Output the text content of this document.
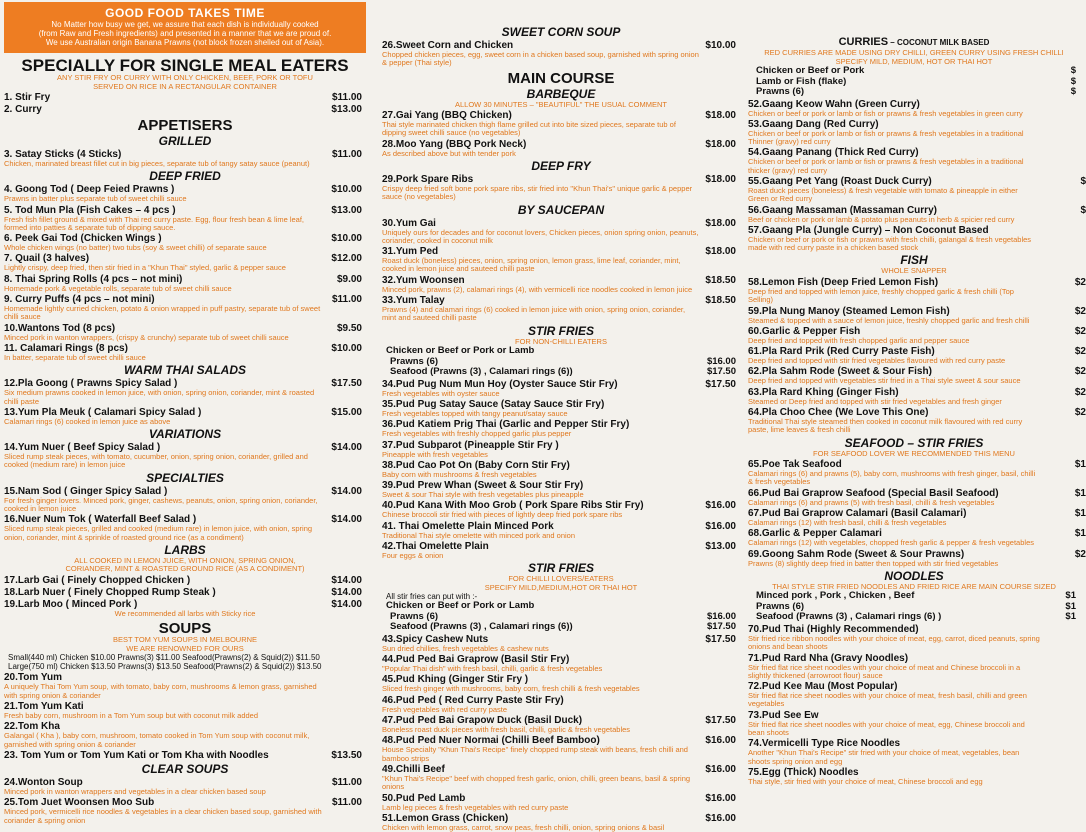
GOOD FOOD TAKES TIME
No Matter how busy we get, we assure that each dish is individually cooked
(from Raw and Fresh ingredients) and presented in a manner that we are proud of.
We use Australian origin Banana Prawns (not block frozen shelled out of Asia).
SPECIALLY FOR SINGLE MEAL EATERS
ANY STIR FRY OR CURRY WITH ONLY CHICKEN, BEEF, PORK OR TOFU
SERVED ON RICE IN A RECTANGULAR CONTAINER
1. Stir Fry	$11.00
2. Curry	$13.00
APPETISERS
GRILLED
3. Satay Sticks (4 Sticks)	$11.00
Chicken, marinated breast fillet cut in big pieces, separate tub of tangy satay sauce (peanut)
DEEP FRIED
4. Goong Tod ( Deep Feied Prawns )	$10.00
Prawns in batter plus separate tub of sweet chilli sauce
5. Tod Mun Pla (Fish Cakes – 4 pcs )	$13.00
Fresh fish fillet ground & mixed with Thai red curry paste. Egg, flour fresh bean & lime leaf, formed into patties & separate tub of dipping sauce.
6. Peek Gai Tod (Chicken Wings )	$10.00
Whole chicken wings (no batter) two tubs (soy & sweet chilli) of separate sauce
7. Quail (3 halves)	$12.00
Lightly crispy, deep fried, then stir fried in a "Khun Thai" styled, garlic & pepper sauce
8. Thai Spring Rolls (4 pcs – not mini)	$9.00
Homemade pork & vegetable rolls, separate tub of sweet chilli sauce
9. Curry Puffs (4 pcs – not mini)	$11.00
Homemade lightly curried chicken, potato & onion wrapped in puff pastry, separate tub of sweet chilli sauce
10.Wantons Tod (8 pcs)	$9.50
Minced pork in wanton wrappers, (crispy & crunchy) separate tub of sweet chilli sauce
11. Calamari Rings (8 pcs)	$10.00
In batter, separate tub of sweet chilli sauce
WARM THAI SALADS
12.Pla Goong ( Prawns Spicy Salad )	$17.50
Six medium prawns cooked in lemon juice, with onion, spring onion, coriander, mint & roasted chilli paste
13.Yum Pla Meuk ( Calamari Spicy Salad )	$15.00
Calamari rings (6) cooked in lemon juice as above
VARIATIONS
14.Yum Nuer ( Beef Spicy Salad )	$14.00
Sliced rump steak pieces, with tomato, cucumber, onion, spring onion, coriander, grilled and cooked (medium rare) in lemon juice
SPECIALTIES
15.Nam Sod ( Ginger Spicy Salad )	$14.00
For fresh ginger lovers. Minced pork, ginger, cashews, peanuts, onion, spring onion, coriander, cooked in lemon juice
16.Nuer Num Tok ( Waterfall Beef Salad )	$14.00
Sliced rump steak pieces, grilled and cooked (medium rare) in lemon juice, with onion, spring onion, coriander, mint & sprinkle of roasted ground rice (as a condiment)
LARBS
ALL COOKED IN LEMON JUICE, WITH ONION, SPRING ONION,
CORIANDER, MINT & ROASTED GROUND RICE (AS A CONDIMENT)
17.Larb Gai ( Finely Chopped Chicken )	$14.00
18.Larb Nuer ( Finely Chopped Rump Steak )	$14.00
19.Larb Moo ( Minced Pork )	$14.00
We recommended all larbs with Sticky rice
SOUPS
BEST TOM YUM SOUPS IN MELBOURNE
WE ARE RENOWNED FOR OURS
Small(440 ml) Chicken $10.00 Prawns(3) $11.00 Seafood(Prawns(2) & Squid(2)) $11.50
Large(750 ml) Chicken $13.50 Prawns(3) $13.50 Seafood(Prawns(2) & Squid(2)) $13.50
20.Tom Yum
A uniquely Thai Tom Yum soup, with tomato, baby corn, mushrooms & lemon grass, garnished with spring onion & coriander
21.Tom Yum Kati
Fresh baby corn, mushroom in a Tom Yum soup but with coconut milk added
22.Tom Kha
Galangal ( Kha ), baby corn, mushroom, tomato cooked in Tom Yum soup with coconut milk, garnished with spring onion & coriander
23. Tom Yum or Tom Yum Kati or Tom Kha with Noodles	$13.50
CLEAR SOUPS
24.Wonton Soup	$11.00
Minced pork in wanton wrappers and vegetables in a clear chicken based soup
25.Tom Juet Woonsen Moo Sub	$11.00
Minced pork, vermicelli rice noodles & vegetables in a clear chicken based soup, garnished with coriander & spring onion
SWEET CORN SOUP
26.Sweet Corn and Chicken	$10.00
Chopped chicken pieces, egg, sweet corn in a chicken based soup, garnished with spring onion & pepper (Thai style)
MAIN COURSE
BARBEQUE
ALLOW 30 MINUTES – "BEAUTIFUL" THE USUAL COMMENT
27.Gai Yang (BBQ Chicken)	$18.00
Thai style marinated chicken thigh flame grilled cut into bite sized pieces, separate tub of dipping sweet chilli sauce (no vegetables)
28.Moo Yang (BBQ Pork Neck)	$18.00
As described above but with tender pork
DEEP FRY
29.Pork Spare Ribs	$18.00
Crispy deep fried soft bone pork spare ribs, stir fried into "Khun Thai's" unique garlic & pepper sauce (no vegetables)
BY SAUCEPAN
30.Yum Gai	$18.00
Uniquely ours for decades and for coconut lovers, Chicken pieces, onion spring onion, peanuts, coriander, cooked in coconut milk
31.Yum Ped	$18.00
Roast duck (boneless) pieces, onion, spring onion, lemon grass, lime leaf, coriander, mint, cooked in lemon juice and sauteed chilli paste
32.Yum Woonsen	$18.50
Minced pork, prawns (2), calamari rings (4), with vermicelli rice noodles cooked in lemon juice
33.Yum Talay	$18.50
Prawns (4) and calamari rings (6) cooked in lemon juice with onion, spring onion, coriander, mint and sauteed chilli paste
STIR FRIES
FOR NON-CHILLI EATERS
Chicken or Beef or Pork or Lamb
Prawns (6)	$16.00
Seafood (Prawns (3) , Calamari rings (6))	$17.50
34.Pud Pug Num Mun Hoy (Oyster Sauce Stir Fry)	$17.50
Fresh vegetables with oyster sauce
35.Pud Pug Satay Sauce (Satay Sauce Stir Fry)
Fresh vegetables topped with tangy peanut/satay sauce
36.Pud Katiem Prig Thai (Garlic and Pepper Stir Fry)
Fresh vegetables with freshly chopped garlic plus pepper
37.Pud Subparot (Pineapple Stir Fry )
Pineapple with fresh vegetables
38.Pud Cao Pot On (Baby Corn Stir Fry)
Baby corn with mushrooms & fresh vegetables
39.Pud Prew Whan (Sweet & Sour Stir Fry)
Sweet & sour Thai style with fresh vegetables plus pineapple
40.Pud Kana With Moo Grob ( Pork Spare Ribs Stir Fry)	$16.00
Chinese broccoli stir fried with pieces of lightly deep fried pork spare ribs
41. Thai Omelette Plain Minced Pork	$16.00
Traditional Thai style omelette with minced pork and onion
42.Thai Omelette Plain	$13.00
Four eggs & onion
STIR FRIES
FOR CHILLI LOVERS/EATERS
SPECIFY MILD,MEDIUM,HOT OR THAI HOT
All stir fries can put with :-
Chicken or Beef or Pork or Lamb
Prawns (6)	$16.00
Seafood (Prawns (3) , Calamari rings (6))	$17.50
43.Spicy Cashew Nuts	$17.50
Sun dried chillies, fresh vegetables & cashew nuts
44.Pud Ped Bai Graprow (Basil Stir Fry)
"Popular Thai dish" with fresh basil, chilli, garlic & fresh vegetables
45.Pud Khing (Ginger Stir Fry )
Sliced fresh ginger with mushrooms, baby corn, fresh chilli & fresh vegetables
46.Pud Ped ( Red Curry Paste Stir Fry)
Fresh vegetables with red curry paste
47.Pud Ped Bai Grapow Duck (Basil Duck)	$17.50
Boneless roast duck pieces with fresh basil, chilli, garlic & fresh vegetables
48.Pud Ped Nuer Normai (Chilli Beef Bamboo)	$16.00
House Specialty "Khun Thai's Recipe" finely chopped rump steak with beans, fresh chilli and bamboo strips
49.Chilli Beef	$16.00
"Khun Thai's Recipe" beef with chopped fresh garlic, onion, chilli, green beans, basil & spring onions
50.Pud Ped Lamb	$16.00
Lamb leg pieces & fresh vegetables with red curry paste
51.Lemon Grass (Chicken)	$16.00
Chicken with lemon grass, carrot, snow peas, fresh chilli, onion, spring onions & basil
CURRIES – COCONUT MILK BASED
RED CURRIES ARE MADE USING DRY CHILLI, GREEN CURRY USING FRESH CHILLI
SPECIFY MILD, MEDIUM, HOT OR THAI HOT
Chicken or Beef or Pork	$
Lamb or Fish (flake)	$
Prawns (6)	$
52.Gaang Keow Wahn (Green Curry)
Chicken or beef or pork or lamb or fish or prawns & fresh vegetables in green curry
53.Gaang Dang (Red Curry)
Chicken or beef or pork or lamb or fish or prawns & fresh vegetables in a traditional Thinner (gravy) red curry
54.Gaang Panang (Thick Red Curry)
Chicken or beef or pork or lamb or fish or prawns & fresh vegetables in a traditional thicker (gravy) red curry
55.Gaang Pet Yang (Roast Duck Curry)	$
Roast duck pieces (boneless) & fresh vegetable with tomato & pineapple in either Green or Red curry
56.Gaang Massaman (Massaman Curry)	$
Beef or chicken or pork or lamb & potato plus peanuts in herb & spicier red curry
57.Gaang Pla (Jungle Curry) – Non Coconut Based
Chicken or beef or pork or fish or prawns with fresh chilli, galangal & fresh vegetables made with red curry paste in a chicken based stock
FISH
WHOLE SNAPPER
58.Lemon Fish (Deep Fried Lemon Fish)	$2
Deep fried and topped with lemon juice, freshly chopped garlic & fresh chilli (Top Selling)
59.Pla Nung Manoy (Steamed Lemon Fish)	$2
Steamed & topped with a sauce of lemon juice, freshly chopped garlic and fresh chilli
60.Garlic & Pepper Fish	$2
Deep fried and topped with fresh chopped garlic and pepper sauce
61.Pla Rard Prik (Red Curry Paste Fish)	$2
Deep fried and topped with stir fried vegetables flavoured with red curry paste
62.Pla Sahm Rode (Sweet & Sour Fish)	$2
Deep fried and topped with vegetables stir fried in a Thai style sweet & sour sauce
63.Pla Rard Khing (Ginger Fish)	$2
Steamed or Deep fried and topped with stir fried vegetables and fresh ginger
64.Pla Choo Chee (We Love This One)	$2
Traditional Thai style steamed then cooked in coconut milk flavoured with red curry paste, lime leaves & fresh chilli
SEAFOOD – STIR FRIES
FOR SEAFOOD LOVER WE RECOMMENDED THIS MENU
65.Poe Tak Seafood	$1
Calamari rings (6) and prawns (5), baby corn, mushrooms with fresh ginger, basil, chilli & fresh vegetables
66.Pud Bai Graprow Seafood (Special Basil Seafood)	$1
Calamari rings (6) and prawns (5) with fresh basil, chilli & fresh vegetables
67.Pud Bai Graprow Calamari (Basil Calamari)	$1
Calamari rings (12) with fresh basil, chilli & fresh vegetables
68.Garlic & Pepper Calamari	$1
Calamari rings (12) with vegetables, chopped fresh garlic & pepper & fresh vegetables
69.Goong Sahm Rode (Sweet & Sour Prawns)	$2
Prawns (8) slightly deep fried in batter then topped with stir fried vegetables
NOODLES
THAI STYLE STIR FRIED NOODLES AND FRIED RICE ARE MAIN COURSE SIZED
Minced pork , Pork , Chicken , Beef	$1
Prawns (6)	$1
Seafood (Prawns (3) , Calamari rings (6) )	$1
70.Pud Thai (Highly Recommended)
Stir fried rice ribbon noodles with your choice of meat, egg, carrot, diced peanuts, spring onions and bean shoots
71.Pud Rard Nha (Gravy Noodles)
Stir fried flat rice sheet noodles with your choice of meat and Chinese broccoli in a slightly thickened (arrowroot flour) sauce
72.Pud Kee Mau (Most Popular)
Stir fried flat rice sheet noodles with your choice of meat, fresh basil, chilli and green vegetables
73.Pud See Ew
Stir fried flat rice sheet noodles with your choice of meat, egg, Chinese broccoli and bean shoots
74.Vermicelli Type Rice Noodles
Another "Khun Thai's Recipe" stir fried with your choice of meat, vegetables, bean shoots spring onion and egg
75.Egg (Thick) Noodles
Thai style, stir fried with your choice of meat, Chinese broccoli and egg
